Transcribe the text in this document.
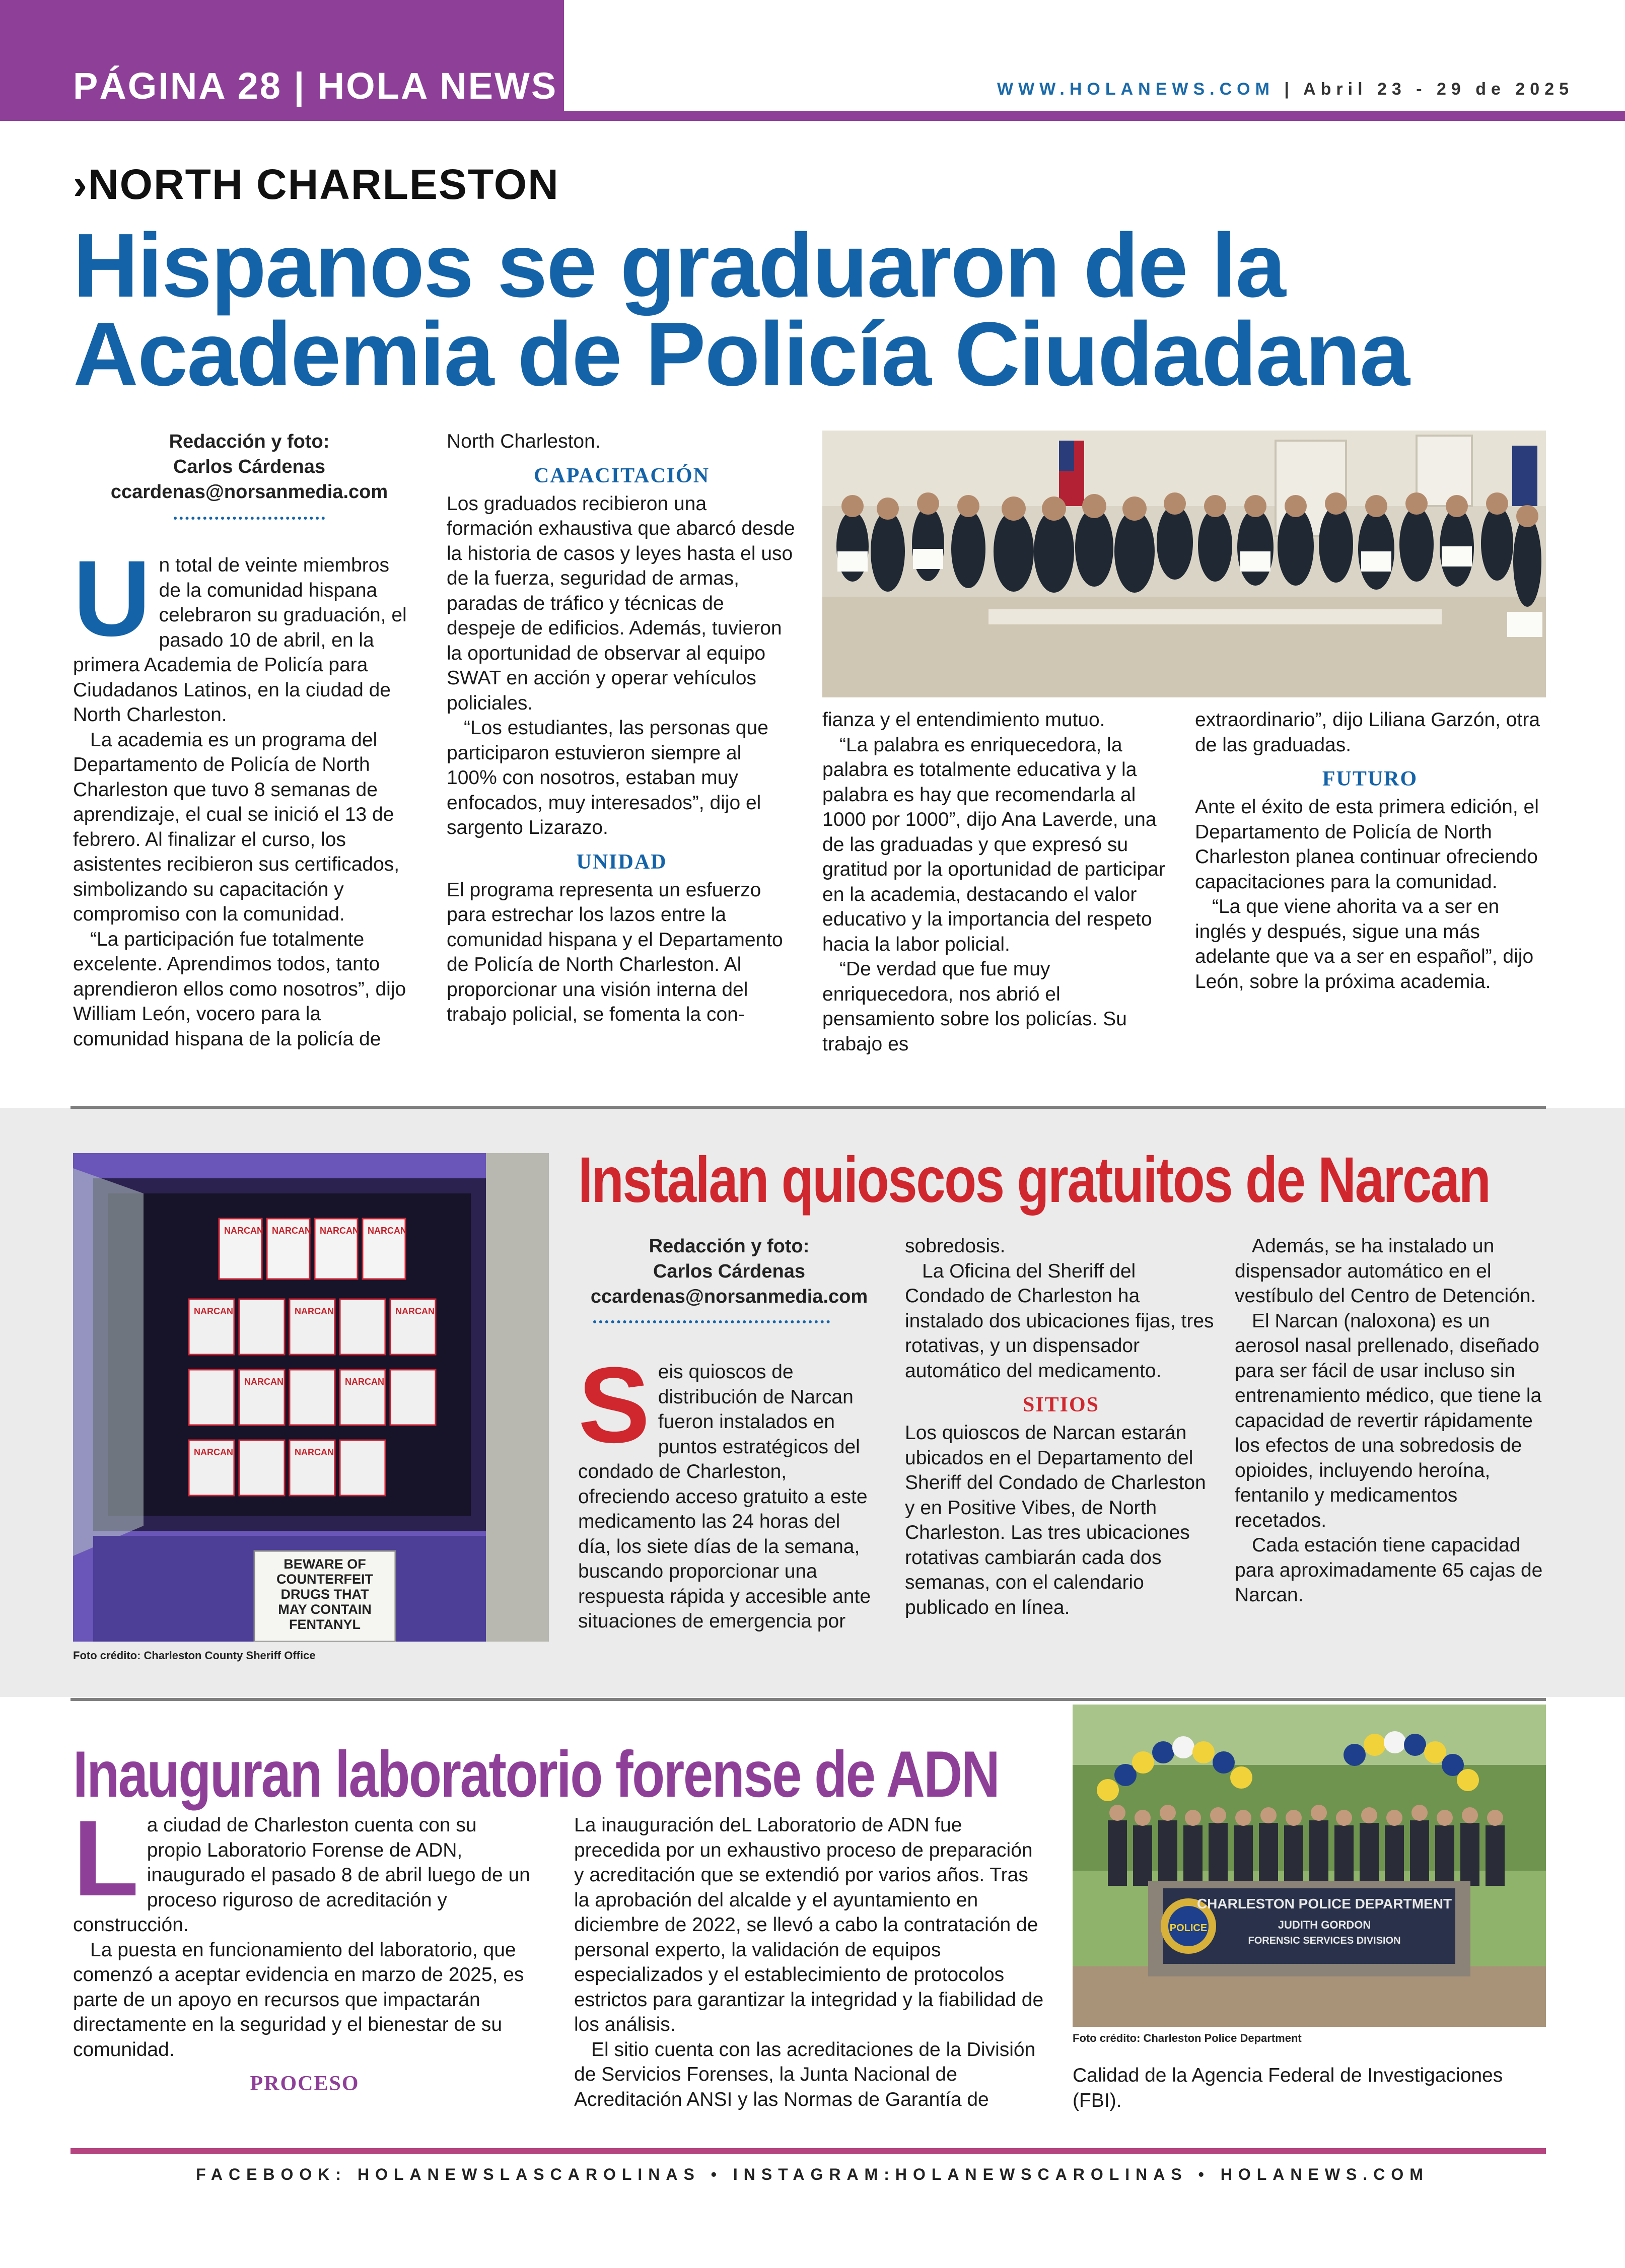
PÁGINA 28 | HOLA NEWS	WWW.HOLANEWS.COM | Abril 23 - 29 de 2025
›NORTH CHARLESTON
Hispanos se graduaron de la Academia de Policía Ciudadana
Redacción y foto:
Carlos Cárdenas
ccardenas@norsanmedia.com

Un total de veinte miembros de la comunidad hispana celebraron su graduación, el pasado 10 de abril, en la primera Academia de Policía para Ciudadanos Latinos, en la ciudad de North Charleston.

La academia es un programa del Departamento de Policía de North Charleston que tuvo 8 semanas de aprendizaje, el cual se inició el 13 de febrero. Al finalizar el curso, los asistentes recibieron sus certificados, simbolizando su capacitación y compromiso con la comunidad.

“La participación fue totalmente excelente. Aprendimos todos, tanto aprendieron ellos como nosotros”, dijo William León, vocero para la comunidad hispana de la policía de

North Charleston.

CAPACITACIÓN

Los graduados recibieron una formación exhaustiva que abarcó desde la historia de casos y leyes hasta el uso de la fuerza, seguridad de armas, paradas de tráfico y técnicas de despeje de edificios. Además, tuvieron la oportunidad de observar al equipo SWAT en acción y operar vehículos policiales.

“Los estudiantes, las personas que participaron estuvieron siempre al 100% con nosotros, estaban muy enfocados, muy interesados”, dijo el sargento Lizarazo.

UNIDAD

El programa representa un esfuerzo para estrechar los lazos entre la comunidad hispana y el Departamento de Policía de North Charleston. Al proporcionar una visión interna del trabajo policial, se fomenta la con-

fianza y el entendimiento mutuo.

“La palabra es enriquecedora, la palabra es totalmente educativa y la palabra es hay que recomendarla al 1000 por 1000”, dijo Ana Laverde, una de las graduadas y que expresó su gratitud por la oportunidad de participar en la academia, destacando el valor educativo y la importancia del respeto hacia la labor policial.

“De verdad que fue muy enriquecedora, nos abrió el pensamiento sobre los policías. Su trabajo es

extraordinario”, dijo Liliana Garzón, otra de las graduadas.

FUTURO

Ante el éxito de esta primera edición, el Departamento de Policía de North Charleston planea continuar ofreciendo capacitaciones para la comunidad.

“La que viene ahorita va a ser en inglés y después, sigue una más adelante que va a ser en español”, dijo León, sobre la próxima academia.

NARCAN NARCAN NARCAN NARCAN
NARCAN	NARCAN	NARCAN
NARCAN	NARCAN
NARCAN	NARCAN
BEWARE OF
COUNTERFEIT
DRUGS THAT
MAY CONTAIN
FENTANYL
Foto crédito: Charleston County Sheriff Office
Instalan quioscos gratuitos de Narcan
Redacción y foto:
Carlos Cárdenas
ccardenas@norsanmedia.com

Seis quioscos de distribución de Narcan fueron instalados en puntos estratégicos del condado de Charleston, ofreciendo acceso gratuito a este medicamento las 24 horas del día, los siete días de la semana, buscando proporcionar una respuesta rápida y accesible ante situaciones de emergencia por

sobredosis.

La Oficina del Sheriff del Condado de Charleston ha instalado dos ubicaciones fijas, tres rotativas, y un dispensador automático del medicamento.

SITIOS

Los quioscos de Narcan estarán ubicados en el Departamento del Sheriff del Condado de Charleston y en Positive Vibes, de North Charleston. Las tres ubicaciones rotativas cambiarán cada dos semanas, con el calendario publicado en línea.

Además, se ha instalado un dispensador automático en el vestíbulo del Centro de Detención.

El Narcan (naloxona) es un aerosol nasal prellenado, diseñado para ser fácil de usar incluso sin entrenamiento médico, que tiene la capacidad de revertir rápidamente los efectos de una sobredosis de opioides, incluyendo heroína, fentanilo y medicamentos recetados.

Cada estación tiene capacidad para aproximadamente 65 cajas de Narcan.

Inauguran laboratorio forense de ADN

La ciudad de Charleston cuenta con su propio Laboratorio Forense de ADN, inaugurado el pasado 8 de abril luego de un proceso riguroso de acreditación y construcción.

La puesta en funcionamiento del laboratorio, que comenzó a aceptar evidencia en marzo de 2025, es parte de un apoyo en recursos que impactarán directamente en la seguridad y el bienestar de su comunidad.

PROCESO

La inauguración deL Laboratorio de ADN fue precedida por un exhaustivo proceso de preparación y acreditación que se extendió por varios años. Tras la aprobación del alcalde y el ayuntamiento en diciembre de 2022, se llevó a cabo la contratación de personal experto, la validación de equipos especializados y el establecimiento de protocolos estrictos para garantizar la integridad y la fiabilidad de los análisis.

El sitio cuenta con las acreditaciones de la División de Servicios Forenses, la Junta Nacional de Acreditación ANSI y las Normas de Garantía de

POLICE
CHARLESTON POLICE DEPARTMENT
JUDITH GORDON
FORENSIC SERVICES DIVISION
Foto crédito: Charleston Police Department

Calidad de la Agencia Federal de Investigaciones (FBI).

FACEBOOK: HOLANEWSLASCAROLINAS • INSTAGRAM:HOLANEWSCAROLINAS • HOLANEWS.COM
